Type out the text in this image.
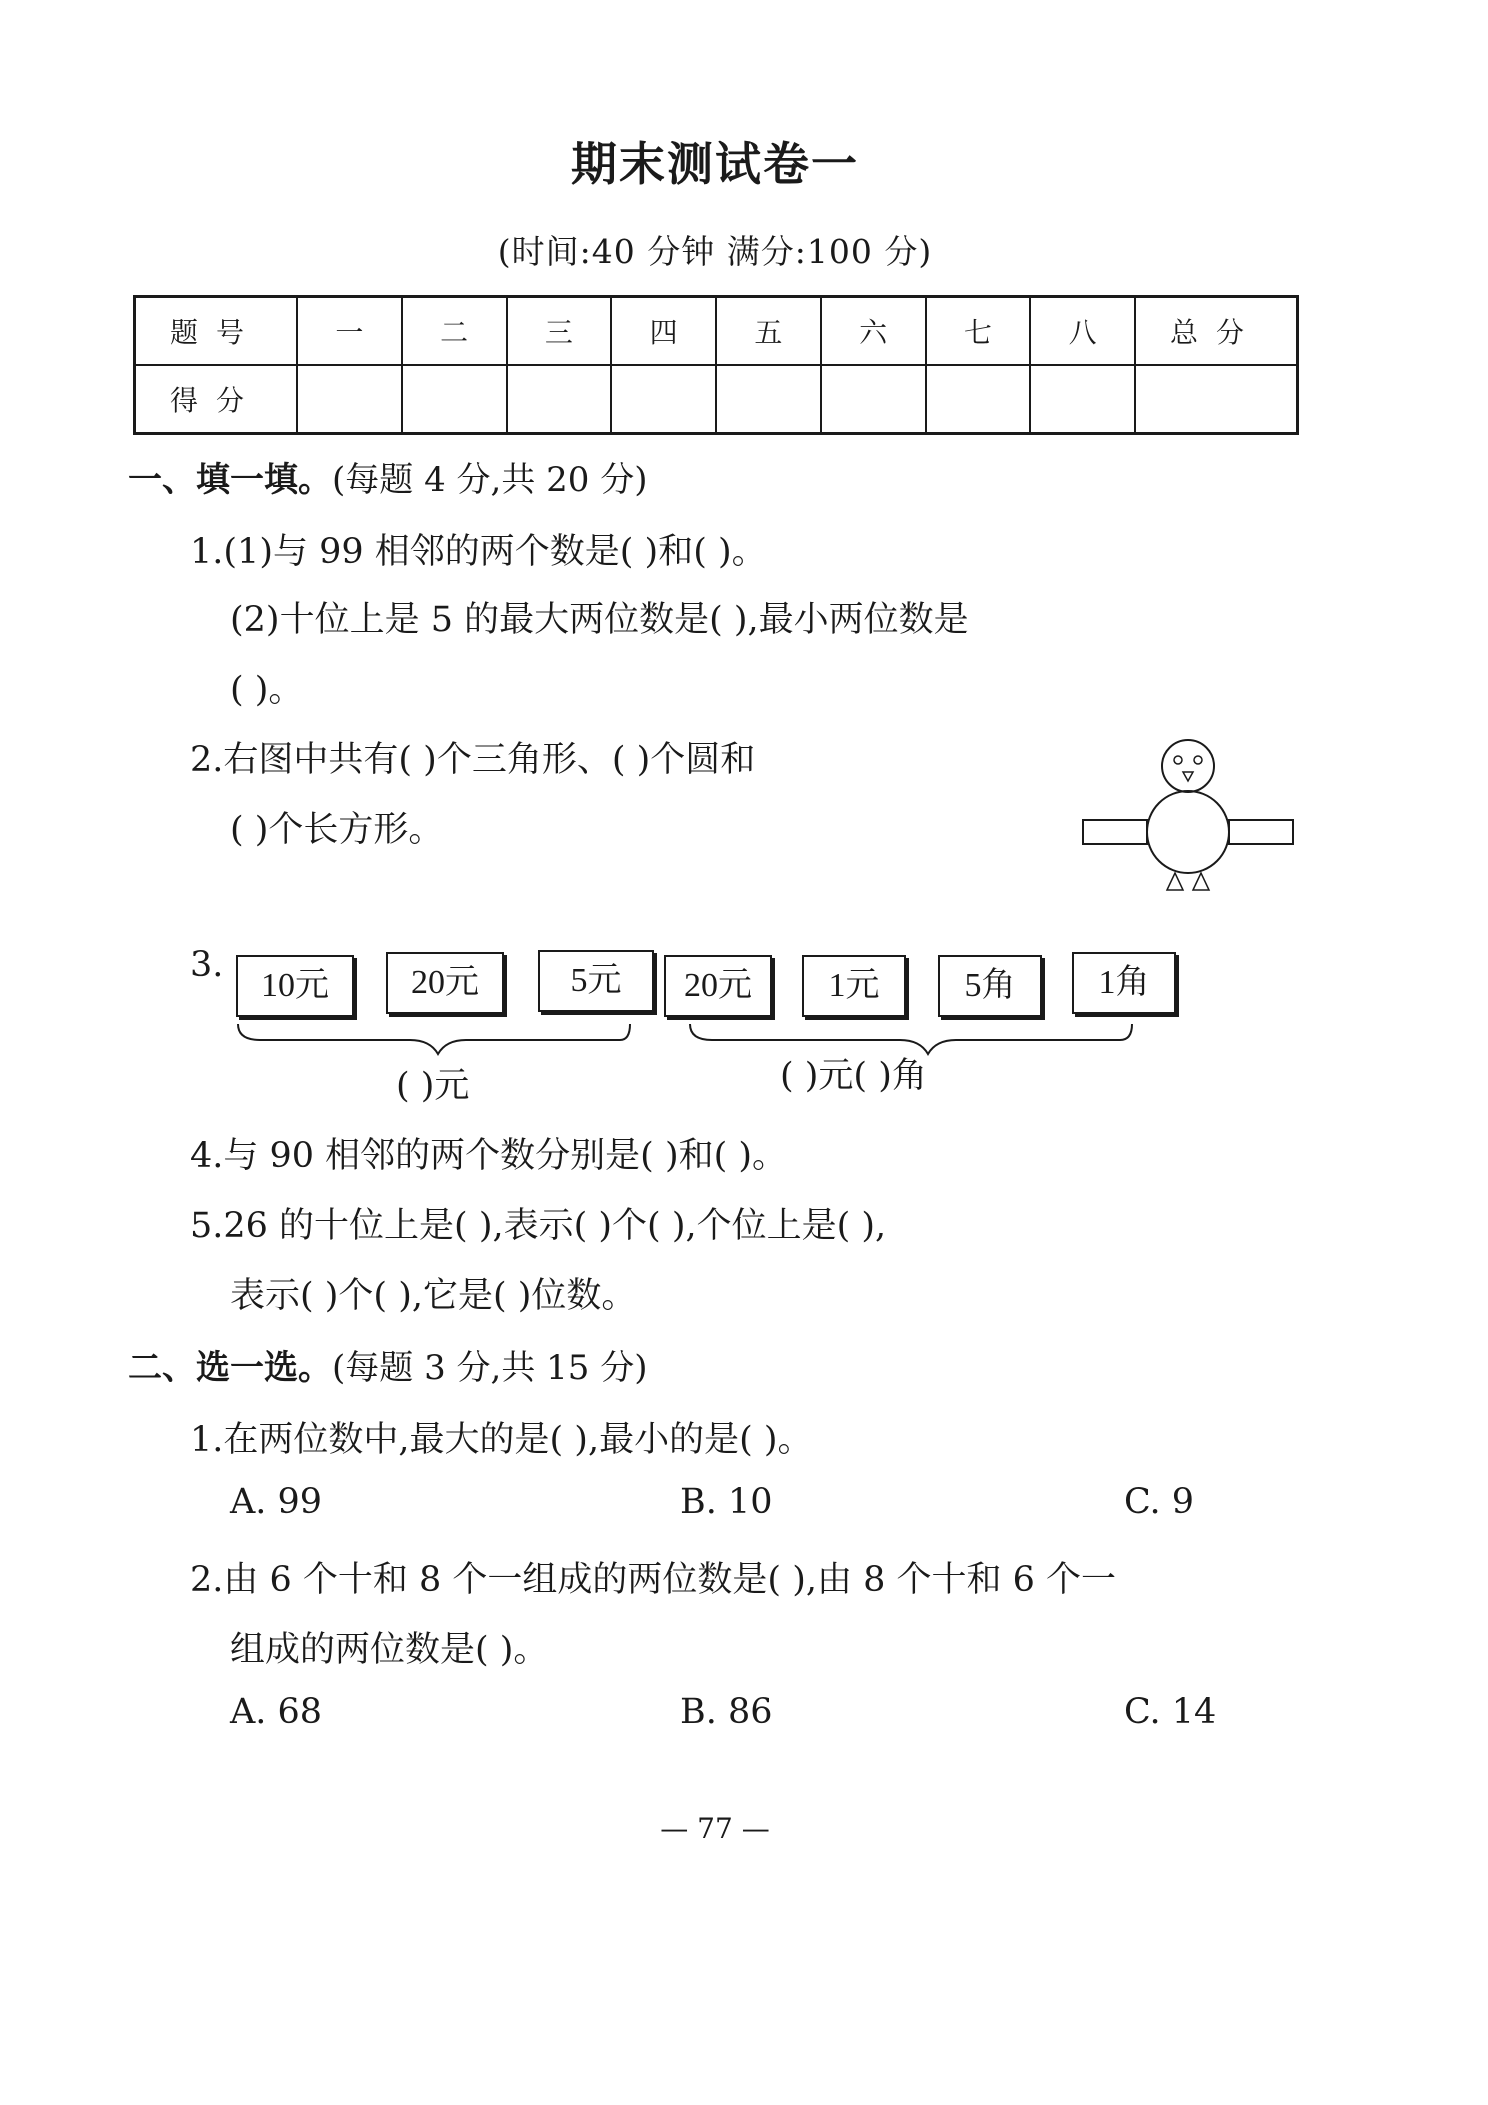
期末测试卷一
(时间:40 分钟 满分:100 分)
题号	一	二	三	四	五	六	七	八	总分
得分									
一、填一填。(每题 4 分,共 20 分)
1.(1)与 99 相邻的两个数是( )和( )。
(2)十位上是 5 的最大两位数是( ),最小两位数是
( )。
2.右图中共有( )个三角形、( )个圆和
( )个长方形。
3.
10元	20元	5元	20元	1元	5角	1角
( )元	( )元( )角
4.与 90 相邻的两个数分别是( )和( )。
5.26 的十位上是( ),表示( )个( ),个位上是( ),
表示( )个( ),它是( )位数。
二、选一选。(每题 3 分,共 15 分)
1.在两位数中,最大的是( ),最小的是( )。
A. 99	B. 10	C. 9
2.由 6 个十和 8 个一组成的两位数是( ),由 8 个十和 6 个一
组成的两位数是( )。
A. 68	B. 86	C. 14
— 77 —
